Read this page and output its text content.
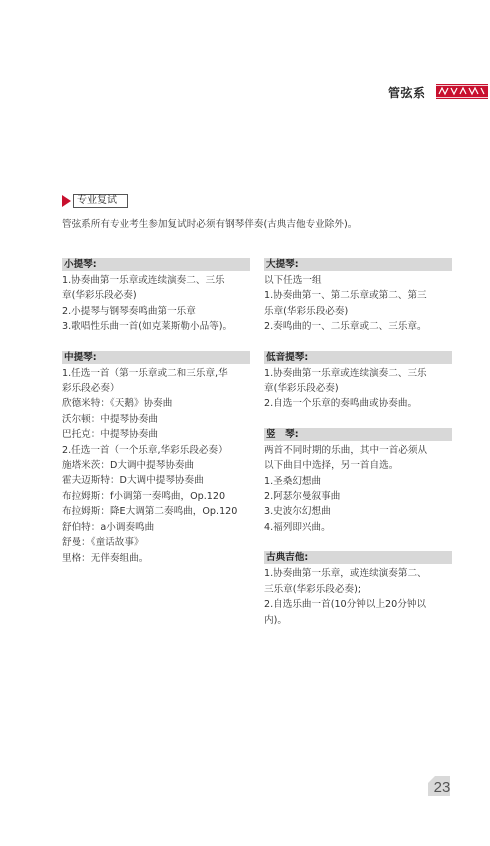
管弦系
专业复试
管弦系所有专业考生参加复试时必须有钢琴伴奏(古典吉他专业除外)。
小提琴:
1.协奏曲第一乐章或连续演奏二、三乐
章(华彩乐段必奏)
2.小提琴与钢琴奏鸣曲第一乐章
3.歌唱性乐曲一首(如克莱斯勒小品等)。
中提琴:
1.任选一首（第一乐章或二和三乐章,华
彩乐段必奏）
欣德米特：《天鹅》协奏曲
沃尔顿：中提琴协奏曲
巴托克：中提琴协奏曲
2.任选一首（一个乐章,华彩乐段必奏）
施塔米茨：D大调中提琴协奏曲
霍夫迈斯特：D大调中提琴协奏曲
布拉姆斯：f小调第一奏鸣曲，Op.120
布拉姆斯：降E大调第二奏鸣曲，Op.120
舒伯特：a小调奏鸣曲
舒曼：《童话故事》
里格：无伴奏组曲。
大提琴:
以下任选一组
1.协奏曲第一、第二乐章或第二、第三
乐章(华彩乐段必奏)
2.奏鸣曲的一、二乐章或二、三乐章。
低音提琴:
1.协奏曲第一乐章或连续演奏二、三乐
章(华彩乐段必奏)
2.自选一个乐章的奏鸣曲或协奏曲。
竖　琴:
两首不同时期的乐曲，其中一首必须从
以下曲目中选择，另一首自选。
1.圣桑幻想曲
2.阿瑟尔曼叙事曲
3.史波尔幻想曲
4.福列即兴曲。
古典吉他:
1.协奏曲第一乐章，或连续演奏第二、
三乐章(华彩乐段必奏);
2.自选乐曲一首(10分钟以上20分钟以
内)。
23
